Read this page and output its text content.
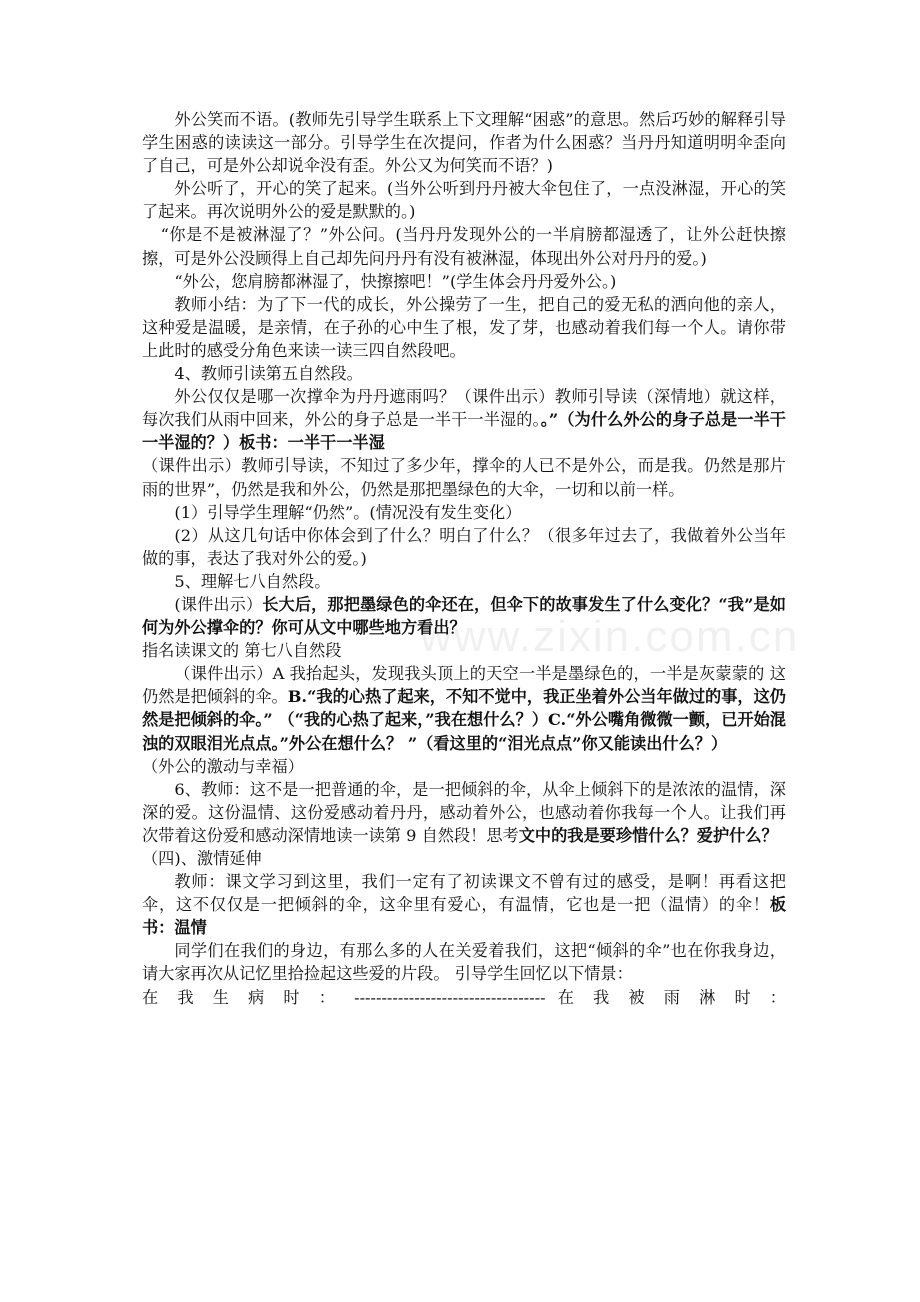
www.zixin.com.cn

外公笑而不语。(教师先引导学生联系上下文理解“困惑”的意思。然后巧妙的解释引导学生困惑的读读这一部分。引导学生在次提问，作者为什么困惑？当丹丹知道明明伞歪向了自己，可是外公却说伞没有歪。外公又为何笑而不语？)

外公听了，开心的笑了起来。(当外公听到丹丹被大伞包住了，一点没淋湿，开心的笑了起来。再次说明外公的爱是默默的。)

“你是不是被淋湿了？”外公问。(当丹丹发现外公的一半肩膀都湿透了，让外公赶快擦擦，可是外公没顾得上自己却先问丹丹有没有被淋湿，体现出外公对丹丹的爱。)

“外公，您肩膀都淋湿了，快擦擦吧！”(学生体会丹丹爱外公。)

教师小结：为了下一代的成长，外公操劳了一生，把自己的爱无私的洒向他的亲人，这种爱是温暖，是亲情，在子孙的心中生了根，发了芽，也感动着我们每一个人。请你带上此时的感受分角色来读一读三四自然段吧。

4、教师引读第五自然段。

外公仅仅是哪一次撑伞为丹丹遮雨吗？（课件出示）教师引导读（深情地）就这样，每次我们从雨中回来，外公的身子总是一半干一半湿的。。”（为什么外公的身子总是一半干一半湿的？）板书：一半干一半湿

（课件出示）教师引导读，不知过了多少年，撑伞的人已不是外公，而是我。仍然是那片雨的世界”，仍然是我和外公，仍然是那把墨绿色的大伞，一切和以前一样。

(1）引导学生理解“仍然”。(情况没有发生变化）

(2）从这几句话中你体会到了什么？明白了什么？（很多年过去了，我做着外公当年做的事，表达了我对外公的爱。)

5、理解七八自然段。

(课件出示）长大后，那把墨绿色的伞还在，但伞下的故事发生了什么变化？“我”是如何为外公撑伞的？你可从文中哪些地方看出？

指名读课文的 第七八自然段

（课件出示）A 我抬起头，发现我头顶上的天空一半是墨绿色的，一半是灰蒙蒙的 这仍然是把倾斜的伞。B.“我的心热了起来，不知不觉中，我正坐着外公当年做过的事，这仍然是把倾斜的伞。” （“我的心热了起来，”我在想什么？）C.“外公嘴角微微一颤，已开始混浊的双眼泪光点点。”外公在想什么？ ”（看这里的“泪光点点”你又能读出什么？）

（外公的激动与幸福）

6、教师：这不是一把普通的伞，是一把倾斜的伞，从伞上倾斜下的是浓浓的温情，深深的爱。这份温情、这份爱感动着丹丹，感动着外公，也感动着你我每一个人。让我们再次带着这份爱和感动深情地读一读第 9 自然段！思考文中的我是要珍惜什么？爱护什么？

（四)、激情延伸

教师：课文学习到这里，我们一定有了初读课文不曾有过的感受，是啊！再看这把伞，这不仅仅是一把倾斜的伞，这伞里有爱心，有温情，它也是一把（温情）的伞！板书：温情

同学们在我们的身边，有那么多的人在关爱着我们，这把“倾斜的伞”也在你我身边，请大家再次从记忆里拾捡起这些爱的片段。 引导学生回忆以下情景：

在 我 生 病 时 ： ----------------------------------- 在 我 被 雨 淋 时 ：
